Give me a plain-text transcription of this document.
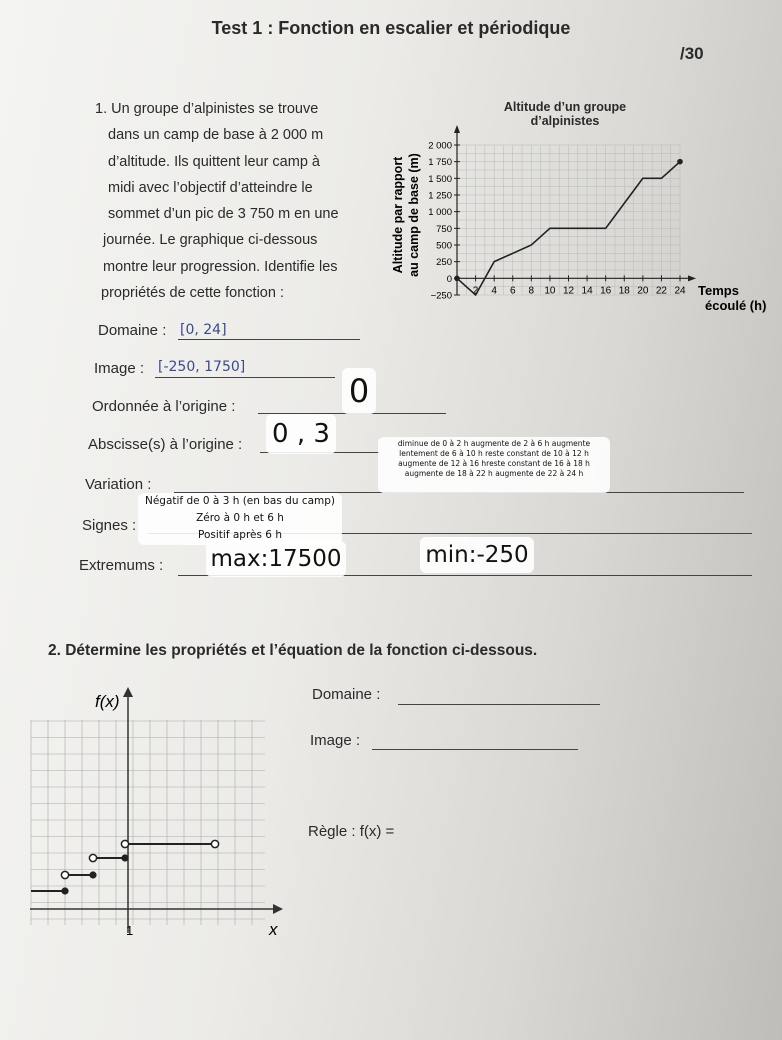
Test 1 : Fonction en escalier et périodique
/30
1. Un groupe d’alpinistes se trouve
dans un camp de base à 2 000 m
d’altitude. Ils quittent leur camp à
midi avec l’objectif d’atteindre le
sommet d’un pic de 3 750 m en une
journée. Le graphique ci-dessous
montre leur progression. Identifie les
propriétés de cette fonction :
Altitude d’un groupe
d’alpinistes
2 4 6 8 10 12 14 16 18 20 22 24
−250
0
250
500
750
1 000
1 250
1 500
1 750
2 000
Altitude par rapport au camp de base (m)
Temps écoulé (h)
Domaine : [0, 24]
Image : [-250, 1750]
Ordonnée à l’origine :	0
Abscisse(s) à l’origine : 0 , 3
Variation :
diminue de 0 à 2 h augmente de 2 à 6 h augmente lentement de 6 à 10 h reste constant de 10 à 12 h augmente de 12 à 16 hreste constant de 16 à 18 h augmente de 18 à 22 h augmente de 22 à 24 h
Signes :
Négatif de 0 à 3 h (en bas du camp)
Zéro à 0 h et 6 h
Positif après 6 h
Extremums : max:17500	min:-250
2. Détermine les propriétés et l’équation de la fonction ci-dessous.
f(x)
x
1
Domaine :
Image :
Règle : f(x) =
